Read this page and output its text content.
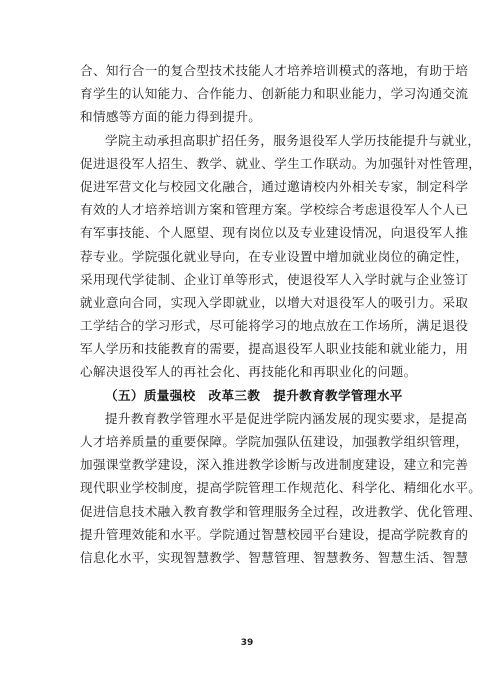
合、知行合一的复合型技术技能人才培养培训模式的落地，有助于培
育学生的认知能力、合作能力、创新能力和职业能力，学习沟通交流
和情感等方面的能力得到提升。
学院主动承担高职扩招任务，服务退役军人学历技能提升与就业，
促进退役军人招生、教学、就业、学生工作联动。为加强针对性管理，
促进军营文化与校园文化融合，通过邀请校内外相关专家，制定科学
有效的人才培养培训方案和管理方案。学校综合考虑退役军人个人已
有军事技能、个人愿望、现有岗位以及专业建设情况，向退役军人推
荐专业。学院强化就业导向，在专业设置中增加就业岗位的确定性，
采用现代学徒制、企业订单等形式，使退役军人入学时就与企业签订
就业意向合同，实现入学即就业，以增大对退役军人的吸引力。采取
工学结合的学习形式，尽可能将学习的地点放在工作场所，满足退役
军人学历和技能教育的需要，提高退役军人职业技能和就业能力，用
心解决退役军人的再社会化、再技能化和再职业化的问题。
（五）质量强校　改革三教　提升教育教学管理水平
提升教育教学管理水平是促进学院内涵发展的现实要求，是提高
人才培养质量的重要保障。学院加强队伍建设，加强教学组织管理，
加强课堂教学建设，深入推进教学诊断与改进制度建设，建立和完善
现代职业学校制度，提高学院管理工作规范化、科学化、精细化水平。
促进信息技术融入教育教学和管理服务全过程，改进教学、优化管理、
提升管理效能和水平。学院通过智慧校园平台建设，提高学院教育的
信息化水平，实现智慧教学、智慧管理、智慧教务、智慧生活、智慧
39
